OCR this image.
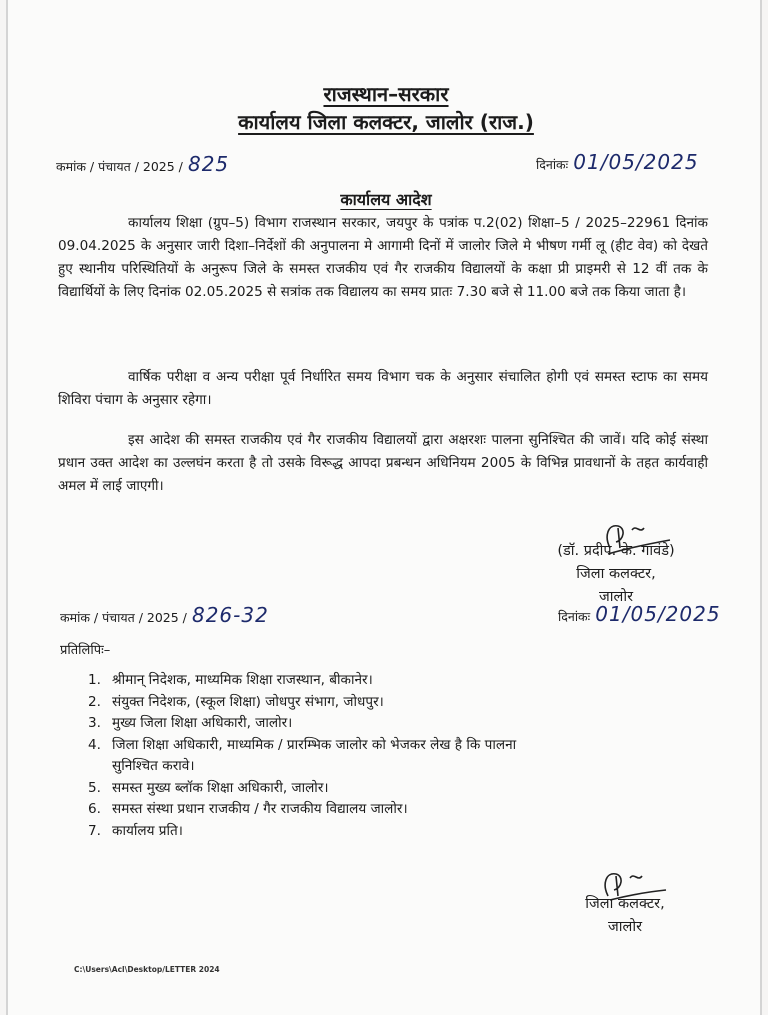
राजस्थान–सरकार
कार्यालय जिला कलक्टर, जालोर (राज.)
कमांक / पंचायत / 2025 / 825	दिनांकः 01/05/2025
कार्यालय आदेश

कार्यालय शिक्षा (ग्रुप–5) विभाग राजस्थान सरकार, जयपुर के पत्रांक प.2(02) शिक्षा–5 / 2025–22961 दिनांक 09.04.2025 के अनुसार जारी दिशा–निर्देशों की अनुपालना मे आगामी दिनों में जालोर जिले मे भीषण गर्मी लू (हीट वेव) को देखते हुए स्थानीय परिस्थितियों के अनुरूप जिले के समस्त राजकीय एवं गैर राजकीय विद्यालयों के कक्षा प्री प्राइमरी से 12 वीं तक के विद्यार्थियों के लिए दिनांक 02.05.2025 से सत्रांक तक विद्यालय का समय प्रातः 7.30 बजे से 11.00 बजे तक किया जाता है।

वार्षिक परीक्षा व अन्य परीक्षा पूर्व निर्धारित समय विभाग चक के अनुसार संचालित होगी एवं समस्त स्टाफ का समय शिविरा पंचाग के अनुसार रहेगा।

इस आदेश की समस्त राजकीय एवं गैर राजकीय विद्यालयों द्वारा अक्षरशः पालना सुनिश्चित की जावें। यदि कोई संस्था प्रधान उक्त आदेश का उल्लघंन करता है तो उसके विरूद्ध आपदा प्रबन्धन अधिनियम 2005 के विभिन्न प्रावधानों के तहत कार्यवाही अमल में लाई जाएगी।

(डॉ. प्रदीप. के. गावंडे)
जिला कलक्टर,
जालोर
कमांक / पंचायत / 2025 / 826-32	दिनांकः 01/05/2025
प्रतिलिपिः–
1. श्रीमान् निदेशक, माध्यमिक शिक्षा राजस्थान, बीकानेर।
2. संयुक्त निदेशक, (स्कूल शिक्षा) जोधपुर संभाग, जोधपुर।
3. मुख्य जिला शिक्षा अधिकारी, जालोर।
4. जिला शिक्षा अधिकारी, माध्यमिक / प्रारम्भिक जालोर को भेजकर लेख है कि पालना सुनिश्चित करावे।
5. समस्त मुख्य ब्लॉक शिक्षा अधिकारी, जालोर।
6. समस्त संस्था प्रधान राजकीय / गैर राजकीय विद्यालय जालोर।
7. कार्यालय प्रति।
जिला कलक्टर,
जालोर
C:\Users\Acl\Desktop/LETTER 2024
